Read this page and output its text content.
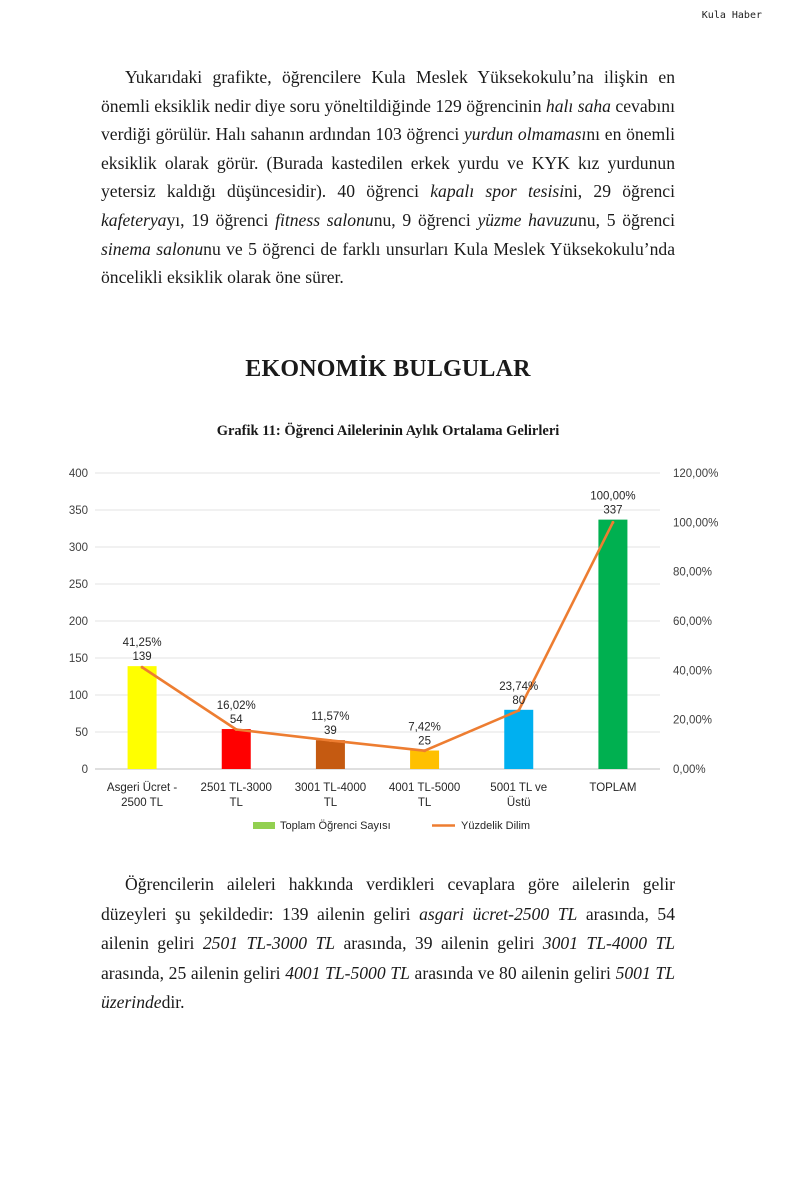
Kula Haber

Yukarıdaki grafikte, öğrencilere Kula Meslek Yüksekokulu’na ilişkin en önemli eksiklik nedir diye soru yöneltildiğinde 129 öğrencinin halı saha cevabını verdiği görülür. Halı sahanın ardından 103 öğrenci yurdun olmamasını en önemli eksiklik olarak görür. (Burada kastedilen erkek yurdu ve KYK kız yurdunun yetersiz kaldığı düşüncesidir). 40 öğrenci kapalı spor tesisini, 29 öğrenci kafeteryayı, 19 öğrenci fitness salonunu, 9 öğrenci yüzme havuzunu, 5 öğrenci sinema salonunu ve 5 öğrenci de farklı unsurları Kula Meslek Yüksekokulu’nda öncelikli eksiklik olarak öne sürer.

EKONOMİK BULGULAR
Grafik 11: Öğrenci Ailelerinin Aylık Ortalama Gelirleri
0
50
100
150
200
250
300
350
400
0,00%
20,00%
40,00%
60,00%
80,00%
100,00%
120,00%
139
41,25%
54
16,02%
39
11,57%
25
7,42%
80
23,74%
337
100,00%
Asgeri Ücret -
2500 TL
2501 TL-3000
TL
3001 TL-4000
TL
4001 TL-5000
TL
5001 TL ve
Üstü
TOPLAM
Toplam Öğrenci Sayısı	Yüzdelik Dilim

Öğrencilerin aileleri hakkında verdikleri cevaplara göre ailelerin gelir düzeyleri şu şekildedir: 139 ailenin geliri asgari ücret-2500 TL arasında, 54 ailenin geliri 2501 TL-3000 TL arasında, 39 ailenin geliri 3001 TL-4000 TL arasında, 25 ailenin geliri 4001 TL-5000 TL arasında ve 80 ailenin geliri 5001 TL üzerindedir.
